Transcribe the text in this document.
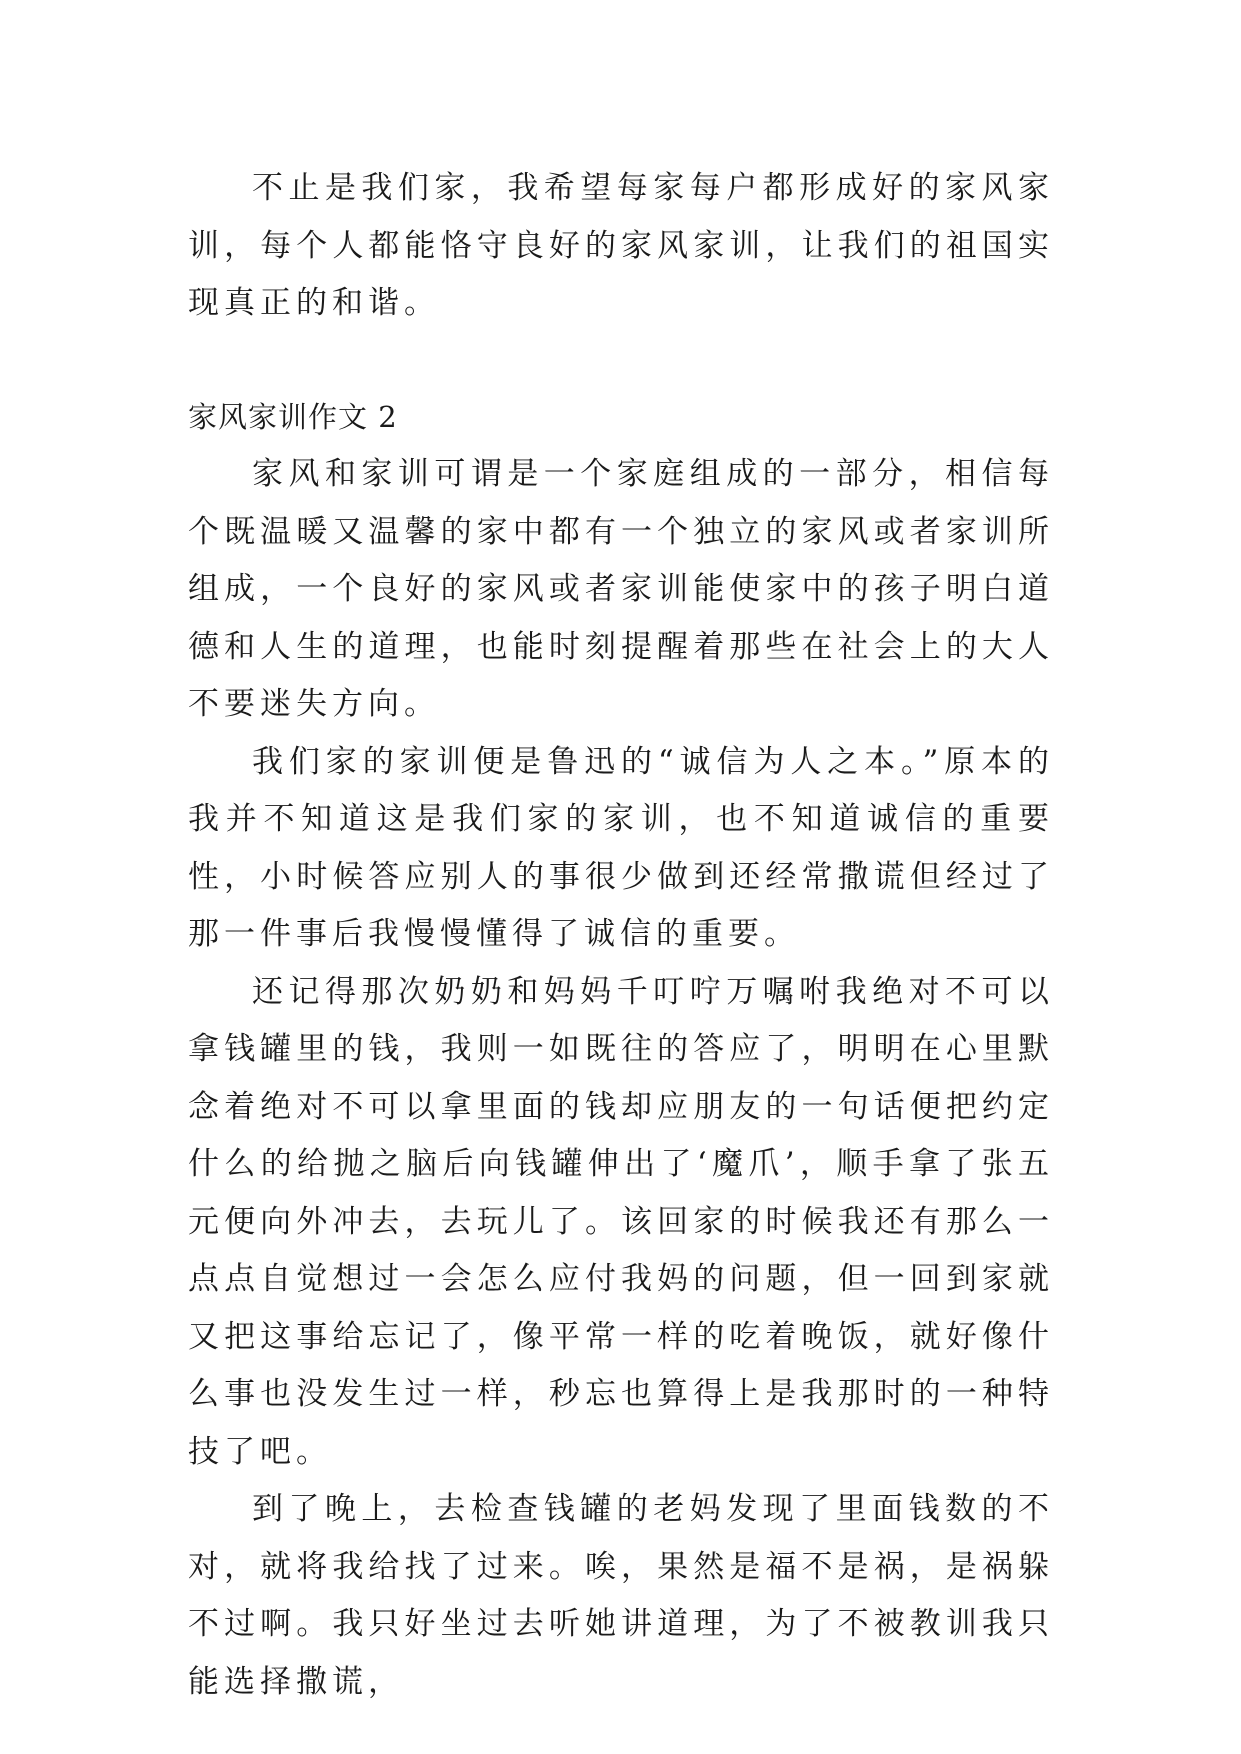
不止是我们家，我希望每家每户都形成好的家风家训，每个人都能恪守良好的家风家训，让我们的祖国实现真正的和谐。

家风家训作文 2

家风和家训可谓是一个家庭组成的一部分，相信每个既温暖又温馨的家中都有一个独立的家风或者家训所组成，一个良好的家风或者家训能使家中的孩子明白道德和人生的道理，也能时刻提醒着那些在社会上的大人不要迷失方向。

我们家的家训便是鲁迅的“诚信为人之本。”原本的我并不知道这是我们家的家训，也不知道诚信的重要性，小时候答应别人的事很少做到还经常撒谎但经过了那一件事后我慢慢懂得了诚信的重要。

还记得那次奶奶和妈妈千叮咛万嘱咐我绝对不可以拿钱罐里的钱，我则一如既往的答应了，明明在心里默念着绝对不可以拿里面的钱却应朋友的一句话便把约定什么的给抛之脑后向钱罐伸出了‘魔爪’，顺手拿了张五元便向外冲去，去玩儿了。该回家的时候我还有那么一点点自觉想过一会怎么应付我妈的问题，但一回到家就又把这事给忘记了，像平常一样的吃着晚饭，就好像什么事也没发生过一样，秒忘也算得上是我那时的一种特技了吧。

到了晚上，去检查钱罐的老妈发现了里面钱数的不对，就将我给找了过来。唉，果然是福不是祸，是祸躲不过啊。我只好坐过去听她讲道理，为了不被教训我只能选择撒谎，
